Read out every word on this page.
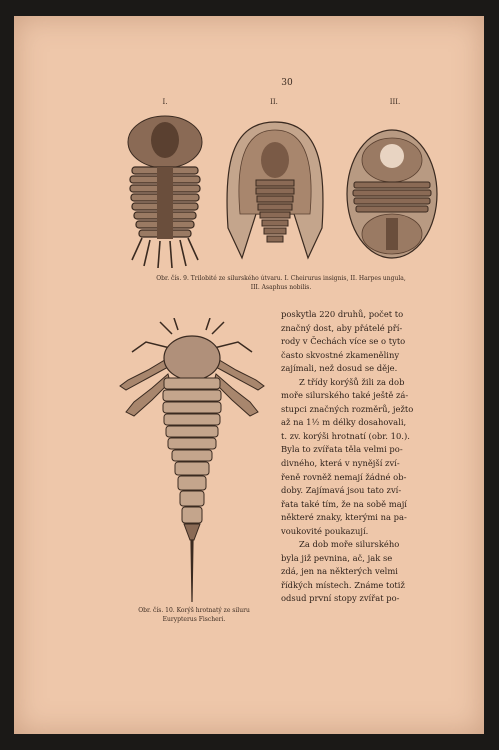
30
I.	II.	III.
Obr. čís. 9. Trilobité ze silurského útvaru. I. Cheirurus insignis, II. Harpes ungula,
III. Asaphus nobilis.
Obr. čís. 10. Korýš hrotnatý ze siluru
Eurypterus Fischeri.

poskytla 220 druhů, počet to

značný dost, aby přátelé pří-

rody v Čechách více se o tyto

často skvostné zkameněliny

zajímali, než dosud se děje.

Z třídy korýšů žili za dob

moře silurského také ještě zá-

stupci značných rozměrů, ježto

až na 1½ m délky dosahovali,

t. zv. korýši hrotnatí (obr. 10.).

Byla to zvířata těla velmi po-

divného, která v nynější zví-

řeně rovněž nemají žádné ob-

doby. Zajímavá jsou tato zví-

řata také tím, že na sobě mají

některé znaky, kterými na pa-

voukovité poukazují.

Za dob moře silurského

byla již pevnina, ač, jak se

zdá, jen na některých velmi

řídkých místech. Známe totiž

odsud první stopy zvířat po-
